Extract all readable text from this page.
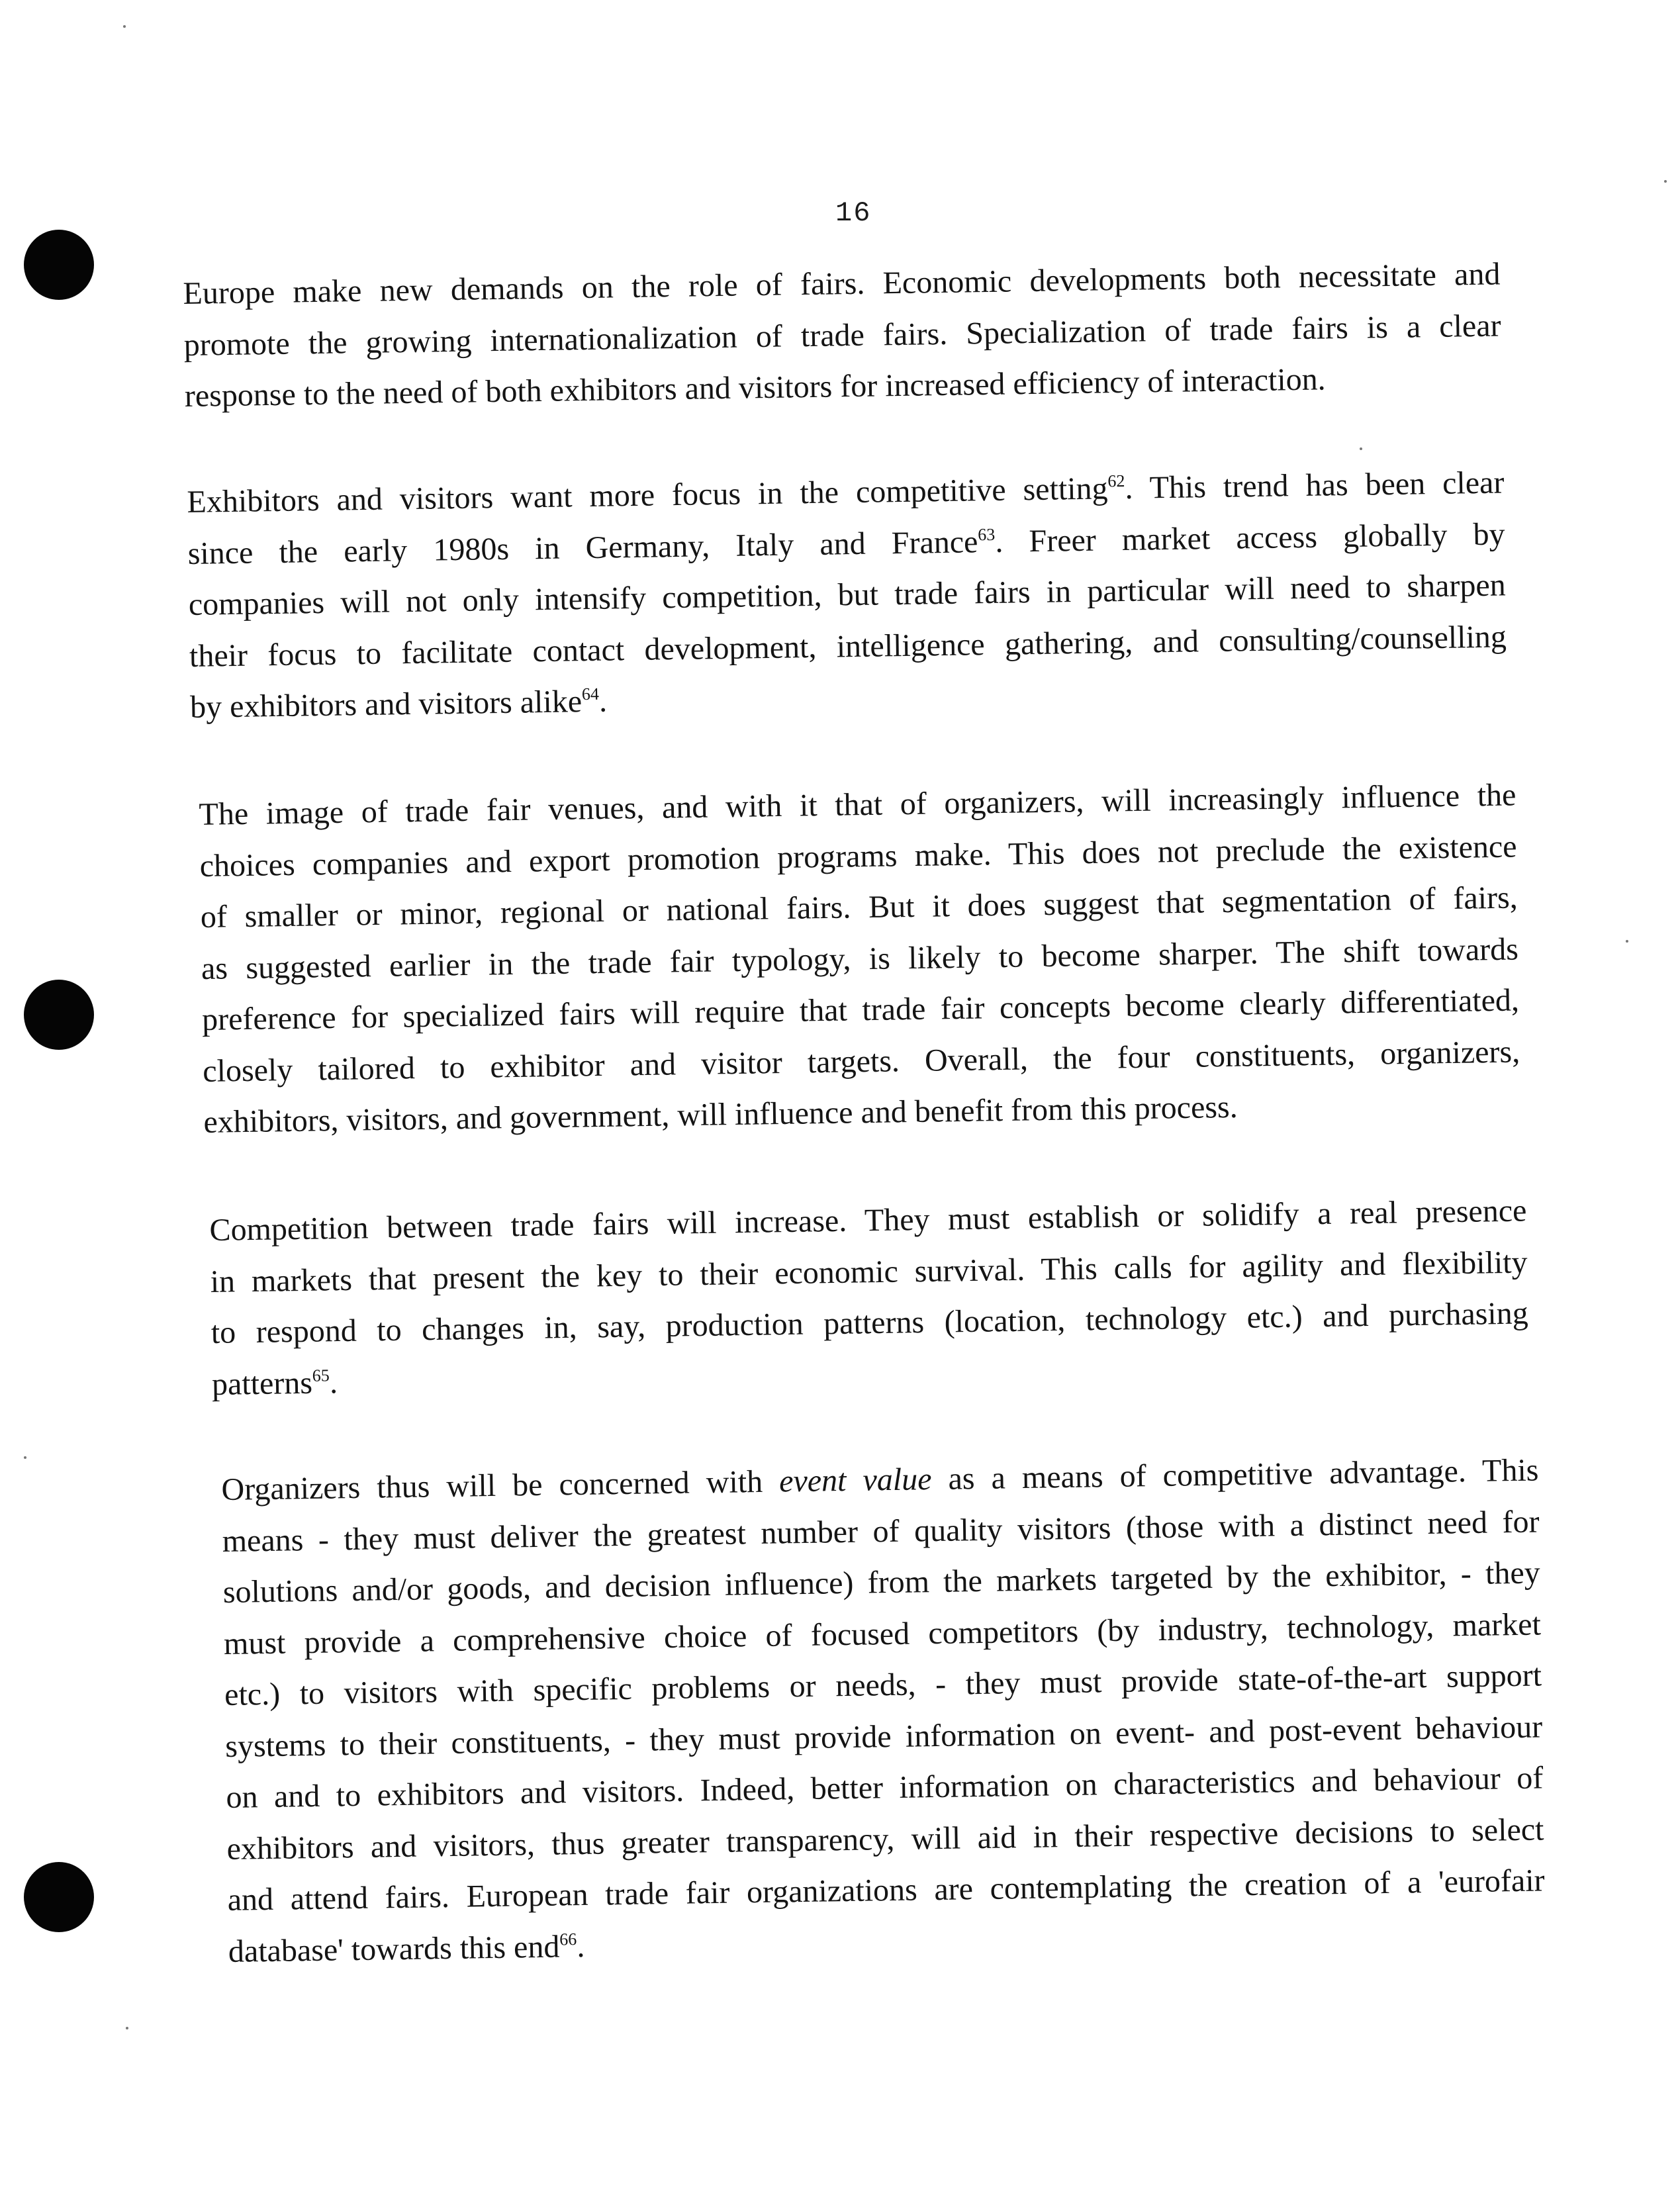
16

Europe make new demands on the role of fairs. Economic developments both necessitate and
promote the growing internationalization of trade fairs. Specialization of trade fairs is a clear
response to the need of both exhibitors and visitors for increased efficiency of interaction.

Exhibitors and visitors want more focus in the competitive setting$^{62}$. This trend has been clear
since the early 1980s in Germany, Italy and France$^{63}$. Freer market access globally by
companies will not only intensify competition, but trade fairs in particular will need to sharpen
their focus to facilitate contact development, intelligence gathering, and consulting/counselling
by exhibitors and visitors alike$^{64}$.

The image of trade fair venues, and with it that of organizers, will increasingly influence the
choices companies and export promotion programs make. This does not preclude the existence
of smaller or minor, regional or national fairs. But it does suggest that segmentation of fairs,
as suggested earlier in the trade fair typology, is likely to become sharper. The shift towards
preference for specialized fairs will require that trade fair concepts become clearly differentiated,
closely tailored to exhibitor and visitor targets. Overall, the four constituents, organizers,
exhibitors, visitors, and government, will influence and benefit from this process.

Competition between trade fairs will increase. They must establish or solidify a real presence
in markets that present the key to their economic survival. This calls for agility and flexibility
to respond to changes in, say, production patterns (location, technology etc.) and purchasing
patterns$^{65}$.

Organizers thus will be concerned with event value as a means of competitive advantage. This
means - they must deliver the greatest number of quality visitors (those with a distinct need for
solutions and/or goods, and decision influence) from the markets targeted by the exhibitor, - they
must provide a comprehensive choice of focused competitors (by industry, technology, market
etc.) to visitors with specific problems or needs, - they must provide state-of-the-art support
systems to their constituents, - they must provide information on event- and post-event behaviour
on and to exhibitors and visitors. Indeed, better information on characteristics and behaviour of
exhibitors and visitors, thus greater transparency, will aid in their respective decisions to select
and attend fairs. European trade fair organizations are contemplating the creation of a 'eurofair
database' towards this end$^{66}$.
